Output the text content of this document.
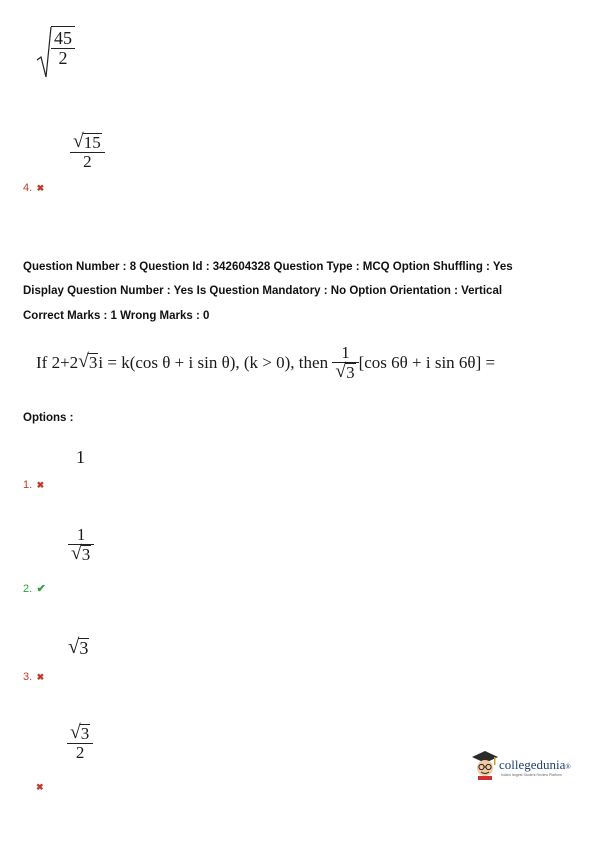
$\frac{45}{2}$
$\frac{√ 15}{2}$
4. ✖
Question Number : 8 Question Id : 342604328 Question Type : MCQ Option Shuffling : Yes
Display Question Number : Yes Is Question Mandatory : No Option Orientation : Vertical
Correct Marks : 1 Wrong Marks : 0
If
2+2 √ 3 i = k(cos θ + i sin θ),
(k > 0), then
$\frac{1}{√ 3} [\cos$ 6θ + i sin 6θ] =
Options :
1
1. ✖
$\frac{1}{√ 3}$
2. ✔
√ 3
3. ✖
$\frac{√ 3}{2}$
✖
collegedunia®
India's largest Student Review Platform
